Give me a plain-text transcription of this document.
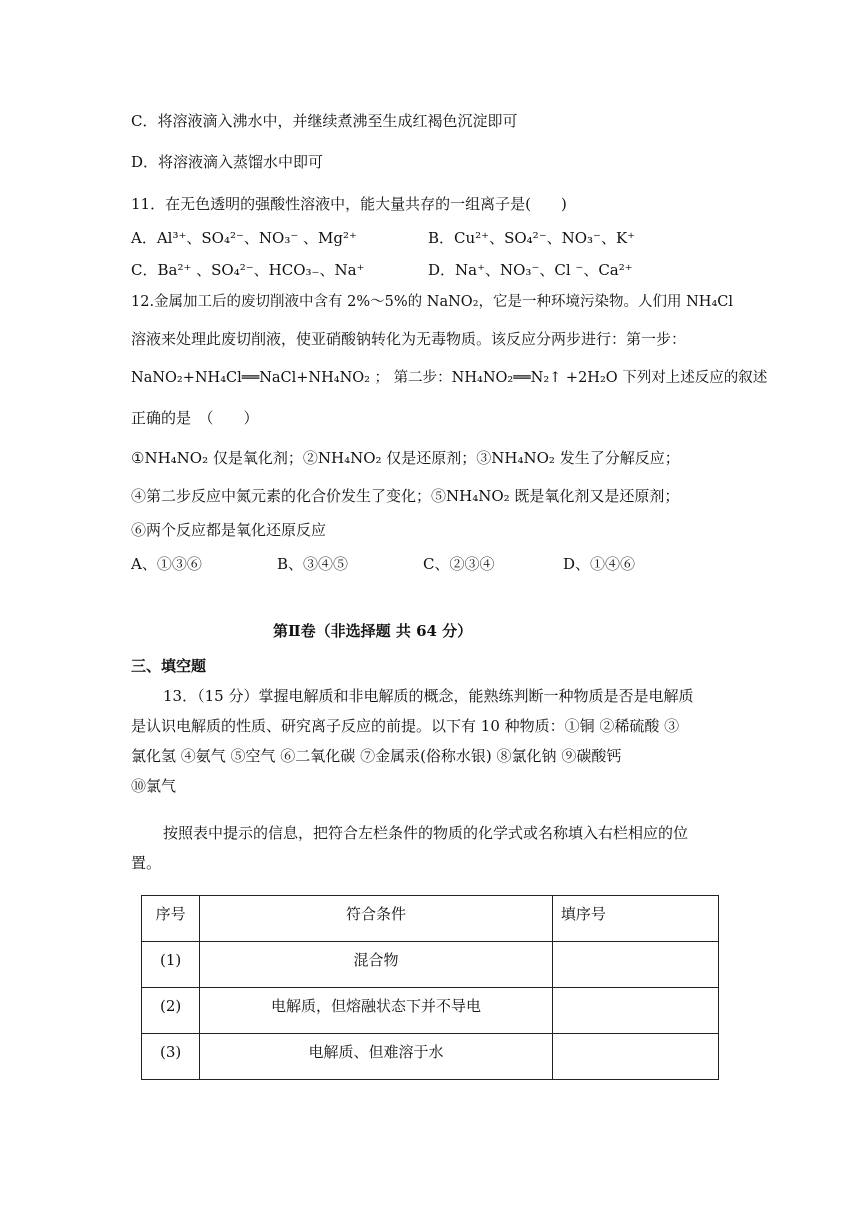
C．将溶液滴入沸水中，并继续煮沸至生成红褐色沉淀即可
D．将溶液滴入蒸馏水中即可
11．在无色透明的强酸性溶液中，能大量共存的一组离子是(　　)
A．Al³⁺、SO₄²⁻、NO₃⁻ 、Mg²⁺	B．Cu²⁺、SO₄²⁻、NO₃⁻、K⁺
C．Ba²⁺ 、SO₄²⁻、HCO₃₋、Na⁺	D．Na⁺、NO₃⁻、Cl ⁻、Ca²⁺
12.金属加工后的废切削液中含有 2%～5%的 NaNO₂，它是一种环境污染物。人们用 NH₄Cl
溶液来处理此废切削液，使亚硝酸钠转化为无毒物质。该反应分两步进行：第一步：
NaNO₂+NH₄Cl══NaCl+NH₄NO₂ ； 第二步：NH₄NO₂══N₂↑ +2H₂O 下列对上述反应的叙述
正确的是　（　　）
①NH₄NO₂ 仅是氧化剂；②NH₄NO₂ 仅是还原剂；③NH₄NO₂ 发生了分解反应；
④第二步反应中氮元素的化合价发生了变化；⑤NH₄NO₂ 既是氧化剂又是还原剂；
⑥两个反应都是氧化还原反应
A、①③⑥	B、③④⑤	C、②③④	D、①④⑥
第Ⅱ卷（非选择题 共 64 分）
三、填空题
13．（15 分）掌握电解质和非电解质的概念，能熟练判断一种物质是否是电解质
是认识电解质的性质、研究离子反应的前提。以下有 10 种物质：①铜 ②稀硫酸 ③
氯化氢 ④氨气 ⑤空气 ⑥二氧化碳 ⑦金属汞(俗称水银) ⑧氯化钠 ⑨碳酸钙
⑩氯气
按照表中提示的信息，把符合左栏条件的物质的化学式或名称填入右栏相应的位
置。
序号	符合条件	填序号
(1)	混合物	
(2)	电解质，但熔融状态下并不导电	
(3)	电解质、但难溶于水	
